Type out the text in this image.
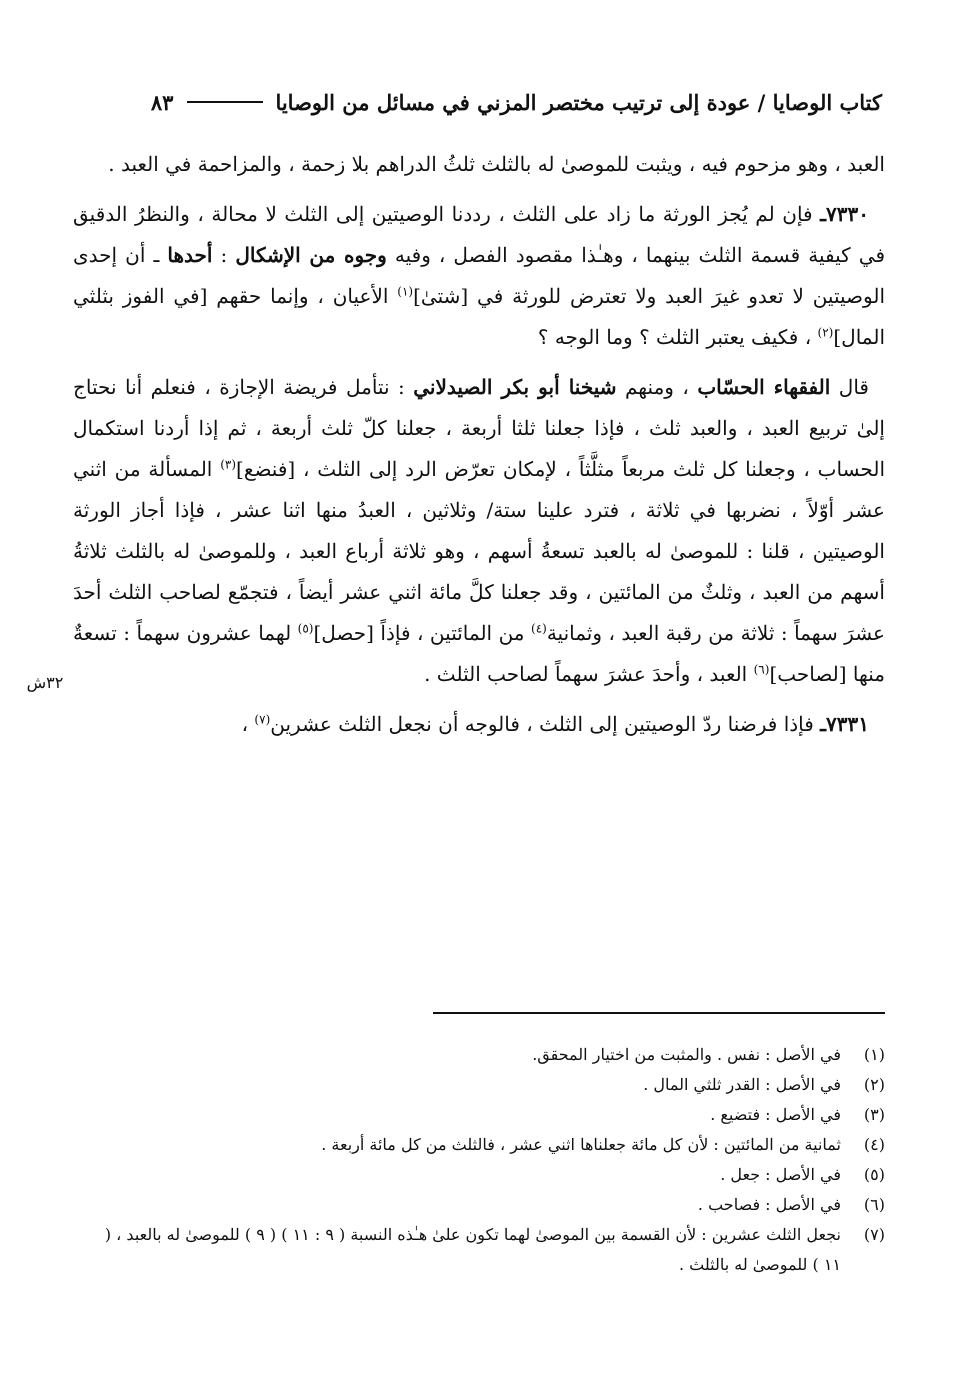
كتاب الوصايا / عودة إلى ترتيب مختصر المزني في مسائل من الوصايا
٨٣

العبد ، وهو مزحوم فيه ، ويثبت للموصىٰ له بالثلث ثلثُ الدراهم بلا زحمة ، والمزاحمة في العبد .

٧٣٣٠ـ فإن لم يُجز الورثة ما زاد على الثلث ، رددنا الوصيتين إلى الثلث لا محالة ، والنظرُ الدقيق في كيفية قسمة الثلث بينهما ، وهـٰذا مقصود الفصل ، وفيه وجوه من الإشكال : أحدها ـ أن إحدى الوصيتين لا تعدو غيرَ العبد ولا تعترض للورثة في [شتىٰ]$^{(١)}$ الأعيان ، وإنما حقهم [في الفوز بثلثي المال]$^{(٢)}$ ، فكيف يعتبر الثلث ؟ وما الوجه ؟

قال الفقهاء الحسّاب ، ومنهم شيخنا أبو بكر الصيدلاني : نتأمل فريضة الإجازة ، فنعلم أنا نحتاج إلىٰ تربيع العبد ، والعبد ثلث ، فإذا جعلنا ثلثا أربعة ، جعلنا كلّ ثلث أربعة ، ثم إذا أردنا استكمال الحساب ، وجعلنا كل ثلث مربعاً مثلَّثاً ، لإمكان تعرّض الرد إلى الثلث ، [فنضع]$^{(٣)}$ المسألة من اثني عشر أوّلاً ، نضربها في ثلاثة ، فترد علينا ستة/ وثلاثين ، العبدُ منها اثنا عشر ، فإذا أجاز الورثة الوصيتين ، قلنا : للموصىٰ له بالعبد تسعةُ أسهم ، وهو ثلاثة أرباع العبد ، وللموصىٰ له بالثلث ثلاثةُ أسهم من العبد ، وثلثٌ من المائتين ، وقد جعلنا كلَّ مائة اثني عشر أيضاً ، فتجمّع لصاحب الثلث أحدَ عشرَ سهماً : ثلاثة من رقبة العبد ، وثمانية$^{(٤)}$ من المائتين ، فإذاً [حصل]$^{(٥)}$ لهما عشرون سهماً : تسعةٌ منها [لصاحب]$^{(٦)}$ العبد ، وأحدَ عشرَ سهماً لصاحب الثلث .

٧٣٣١ـ فإذا فرضنا ردّ الوصيتين إلى الثلث ، فالوجه أن نجعل الثلث عشرين$^{(٧)}$ ،

٣٢ش
(١)
في الأصل : نفس . والمثبت من اختيار المحقق.
(٢)
في الأصل : القدر ثلثي المال .
(٣)
في الأصل : فتضيع .
(٤)
ثمانية من المائتين : لأن كل مائة جعلناها اثني عشر ، فالثلث من كل مائة أربعة .
(٥)
في الأصل : جعل .
(٦)
في الأصل : فصاحب .
(٧)
نجعل الثلث عشرين : لأن القسمة بين الموصىٰ لهما تكون علىٰ هـٰذه النسبة ( ٩ : ١١ ) ( ٩ ) للموصىٰ له بالعبد ، ( ١١ ) للموصىٰ له بالثلث .
